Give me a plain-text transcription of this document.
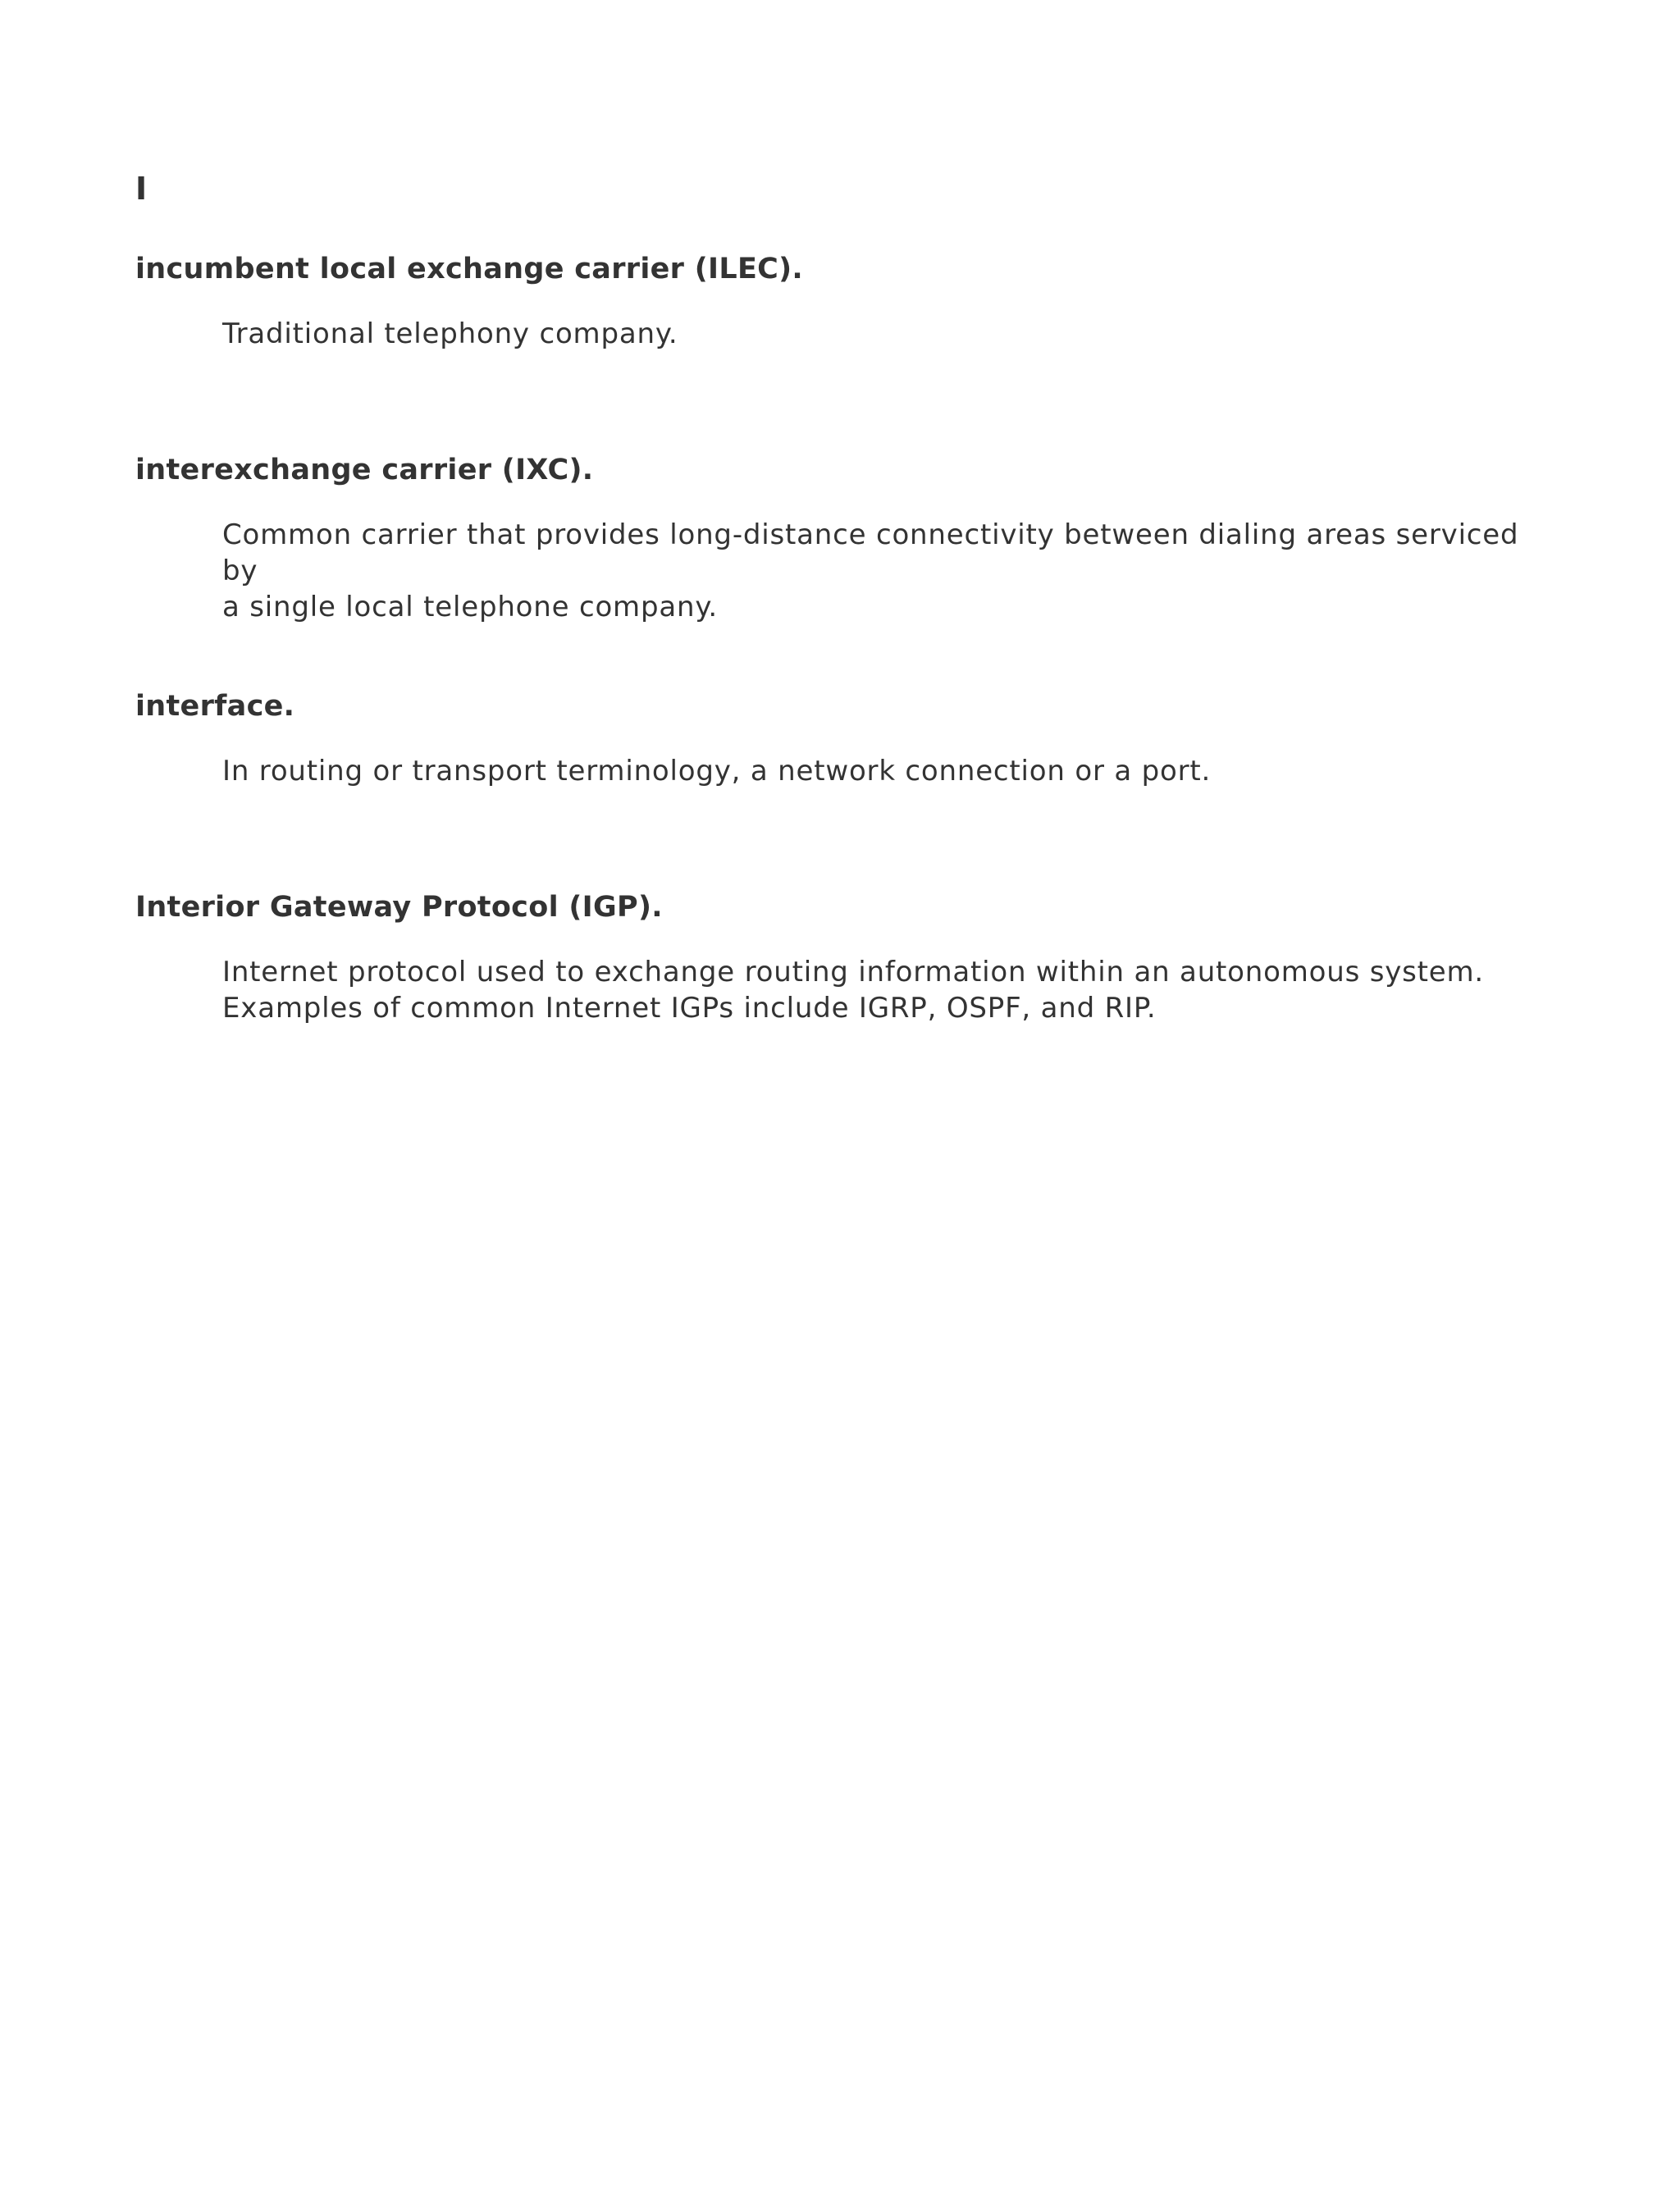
I
incumbent local exchange carrier (ILEC).
Traditional telephony company.
interexchange carrier (IXC).
Common carrier that provides long-distance connectivity between dialing areas serviced by
a single local telephone company.
interface.
In routing or transport terminology, a network connection or a port.
Interior Gateway Protocol (IGP).
Internet protocol used to exchange routing information within an autonomous system.
Examples of common Internet IGPs include IGRP, OSPF, and RIP.
